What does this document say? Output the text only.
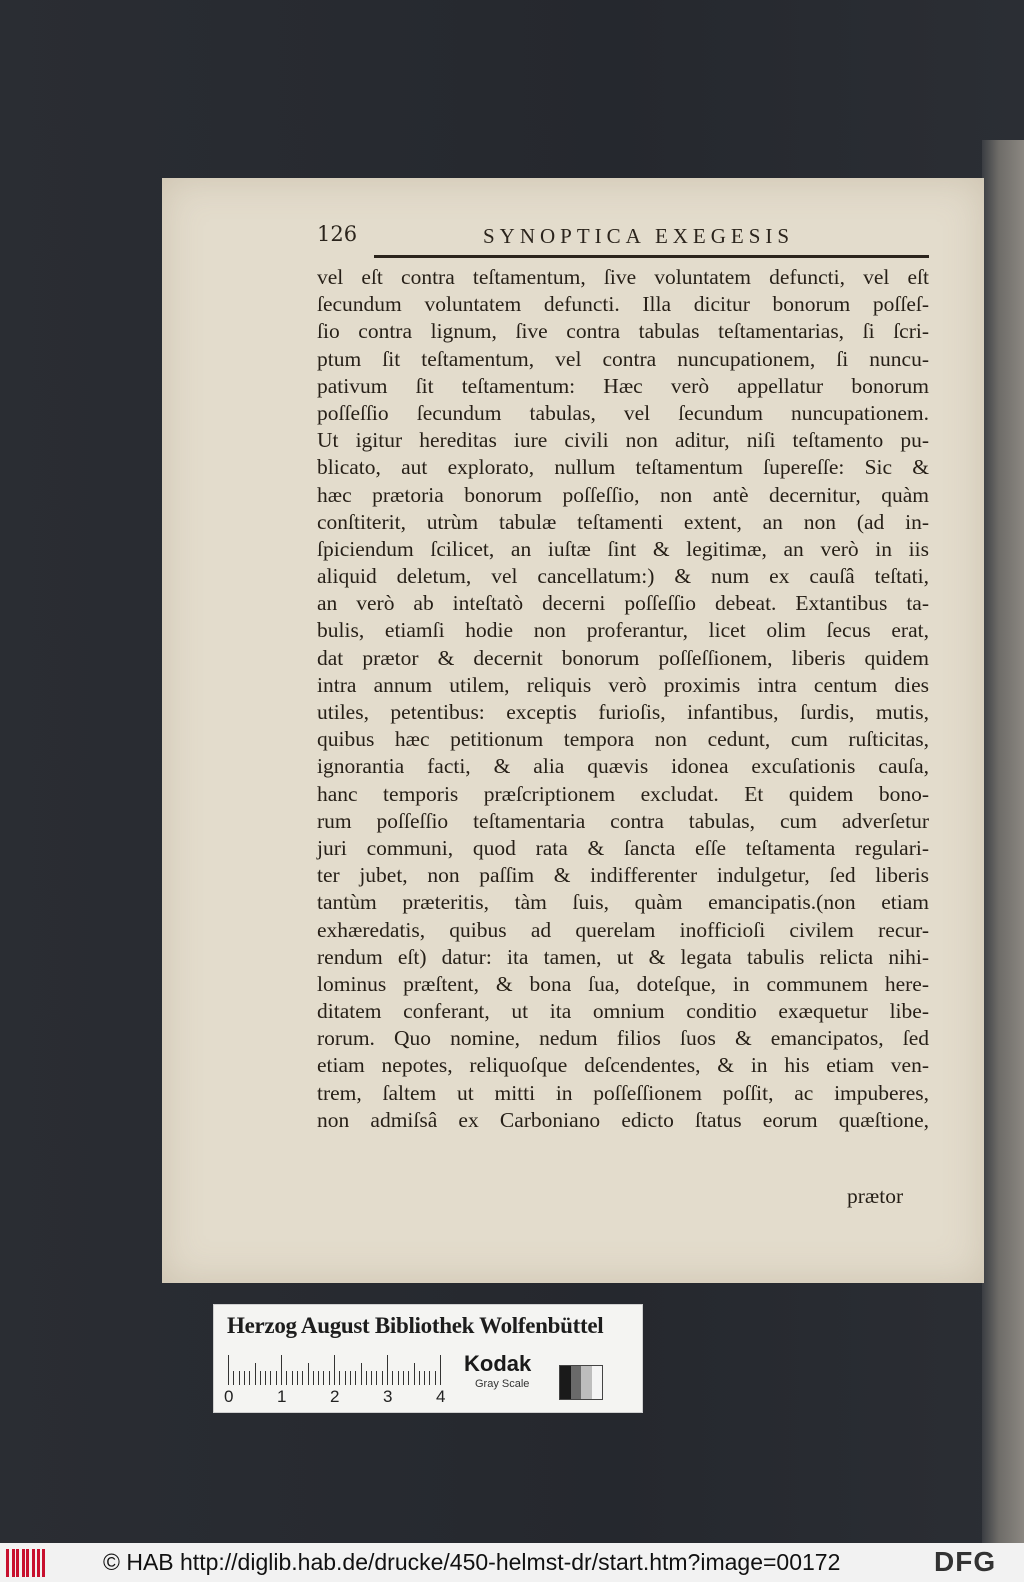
126	SYNOPTICA EXEGESIS
vel eſt contra teſtamentum, ſive voluntatem defuncti, vel eſt
ſecundum voluntatem defuncti. Illa dicitur bonorum poſſeſ-
ſio contra lignum, ſive contra tabulas teſtamentarias, ſi ſcri-
ptum ſit teſtamentum, vel contra nuncupationem, ſi nuncu-
pativum ſit teſtamentum: Hæc verò appellatur bonorum
poſſeſſio ſecundum tabulas, vel ſecundum nuncupationem.
Ut igitur hereditas iure civili non aditur, niſi teſtamento pu-
blicato, aut explorato, nullum teſtamentum ſupereſſe: Sic &
hæc prætoria bonorum poſſeſſio, non antè decernitur, quàm
conſtiterit, utrùm tabulæ teſtamenti extent, an non (ad in-
ſpiciendum ſcilicet, an iuſtæ ſint & legitimæ, an verò in iis
aliquid deletum, vel cancellatum:) & num ex cauſâ teſtati,
an verò ab inteſtatò decerni poſſeſſio debeat. Extantibus ta-
bulis, etiamſi hodie non proferantur, licet olim ſecus erat,
dat prætor & decernit bonorum poſſeſſionem, liberis quidem
intra annum utilem, reliquis verò proximis intra centum dies
utiles, petentibus: exceptis furioſis, infantibus, ſurdis, mutis,
quibus hæc petitionum tempora non cedunt, cum ruſticitas,
ignorantia facti, & alia quævis idonea excuſationis cauſa,
hanc temporis præſcriptionem excludat. Et quidem bono-
rum poſſeſſio teſtamentaria contra tabulas, cum adverſetur
juri communi, quod rata & ſancta eſſe teſtamenta regulari-
ter jubet, non paſſim & indifferenter indulgetur, ſed liberis
tantùm præteritis, tàm ſuis, quàm emancipatis.(non etiam
exhæredatis, quibus ad querelam inofficioſi civilem recur-
rendum eſt) datur: ita tamen, ut & legata tabulis relicta nihi-
lominus præſtent, & bona ſua, doteſque, in communem here-
ditatem conferant, ut ita omnium conditio exæquetur libe-
rorum. Quo nomine, nedum filios ſuos & emancipatos, ſed
etiam nepotes, reliquoſque deſcendentes, & in his etiam ven-
trem, ſaltem ut mitti in poſſeſſionem poſſit, ac impuberes,
non admiſsâ ex Carboniano edicto ſtatus eorum quæſtione,
prætor
Herzog August Bibliothek Wolfenbüttel
0	1	2	3	4
Kodak
Gray Scale
© HAB http://diglib.hab.de/drucke/450-helmst-dr/start.htm?image=00172	DFG
